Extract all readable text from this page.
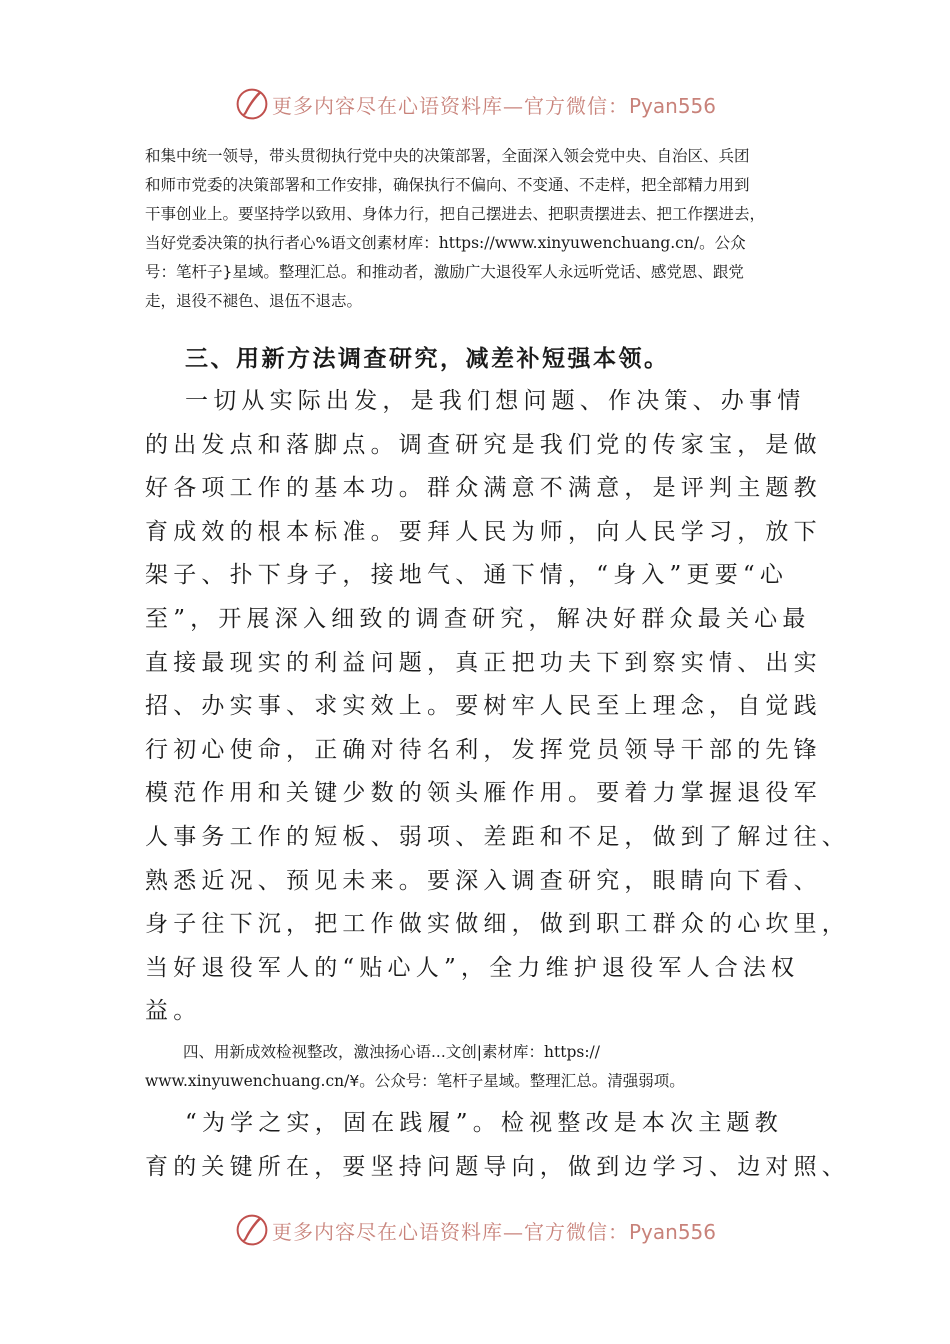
更多内容尽在心语资料库—官方微信：Pyan556

和集中统一领导，带头贯彻执行党中央的决策部署，全面深入领会党中央、自治区、兵团
和师市党委的决策部署和工作安排，确保执行不偏向、不变通、不走样，把全部精力用到
干事创业上。要坚持学以致用、身体力行，把自己摆进去、把职责摆进去、把工作摆进去，
当好党委决策的执行者心%语文创素材库：https://www.xinyuwenchuang.cn/。公众
号：笔杆子}星域。整理汇总。和推动者，激励广大退役军人永远听党话、感党恩、跟党
走，退役不褪色、退伍不退志。

三、用新方法调查研究，减差补短强本领。

一切从实际出发，是我们想问题、作决策、办事情
的出发点和落脚点。调查研究是我们党的传家宝，是做
好各项工作的基本功。群众满意不满意，是评判主题教
育成效的根本标准。要拜人民为师，向人民学习，放下
架子、扑下身子，接地气、通下情，“身入”更要“心
至”，开展深入细致的调查研究，解决好群众最关心最
直接最现实的利益问题，真正把功夫下到察实情、出实
招、办实事、求实效上。要树牢人民至上理念，自觉践
行初心使命，正确对待名利，发挥党员领导干部的先锋
模范作用和关键少数的领头雁作用。要着力掌握退役军
人事务工作的短板、弱项、差距和不足，做到了解过往、
熟悉近况、预见未来。要深入调查研究，眼睛向下看、
身子往下沉，把工作做实做细，做到职工群众的心坎里，
当好退役军人的“贴心人”，全力维护退役军人合法权
益。

四、用新成效检视整改，激浊扬心语...文创|素材库：https://
www.xinyuwenchuang.cn/¥。公众号：笔杆子星域。整理汇总。清强弱项。

“为学之实，固在践履”。检视整改是本次主题教
育的关键所在，要坚持问题导向，做到边学习、边对照、

更多内容尽在心语资料库—官方微信：Pyan556
